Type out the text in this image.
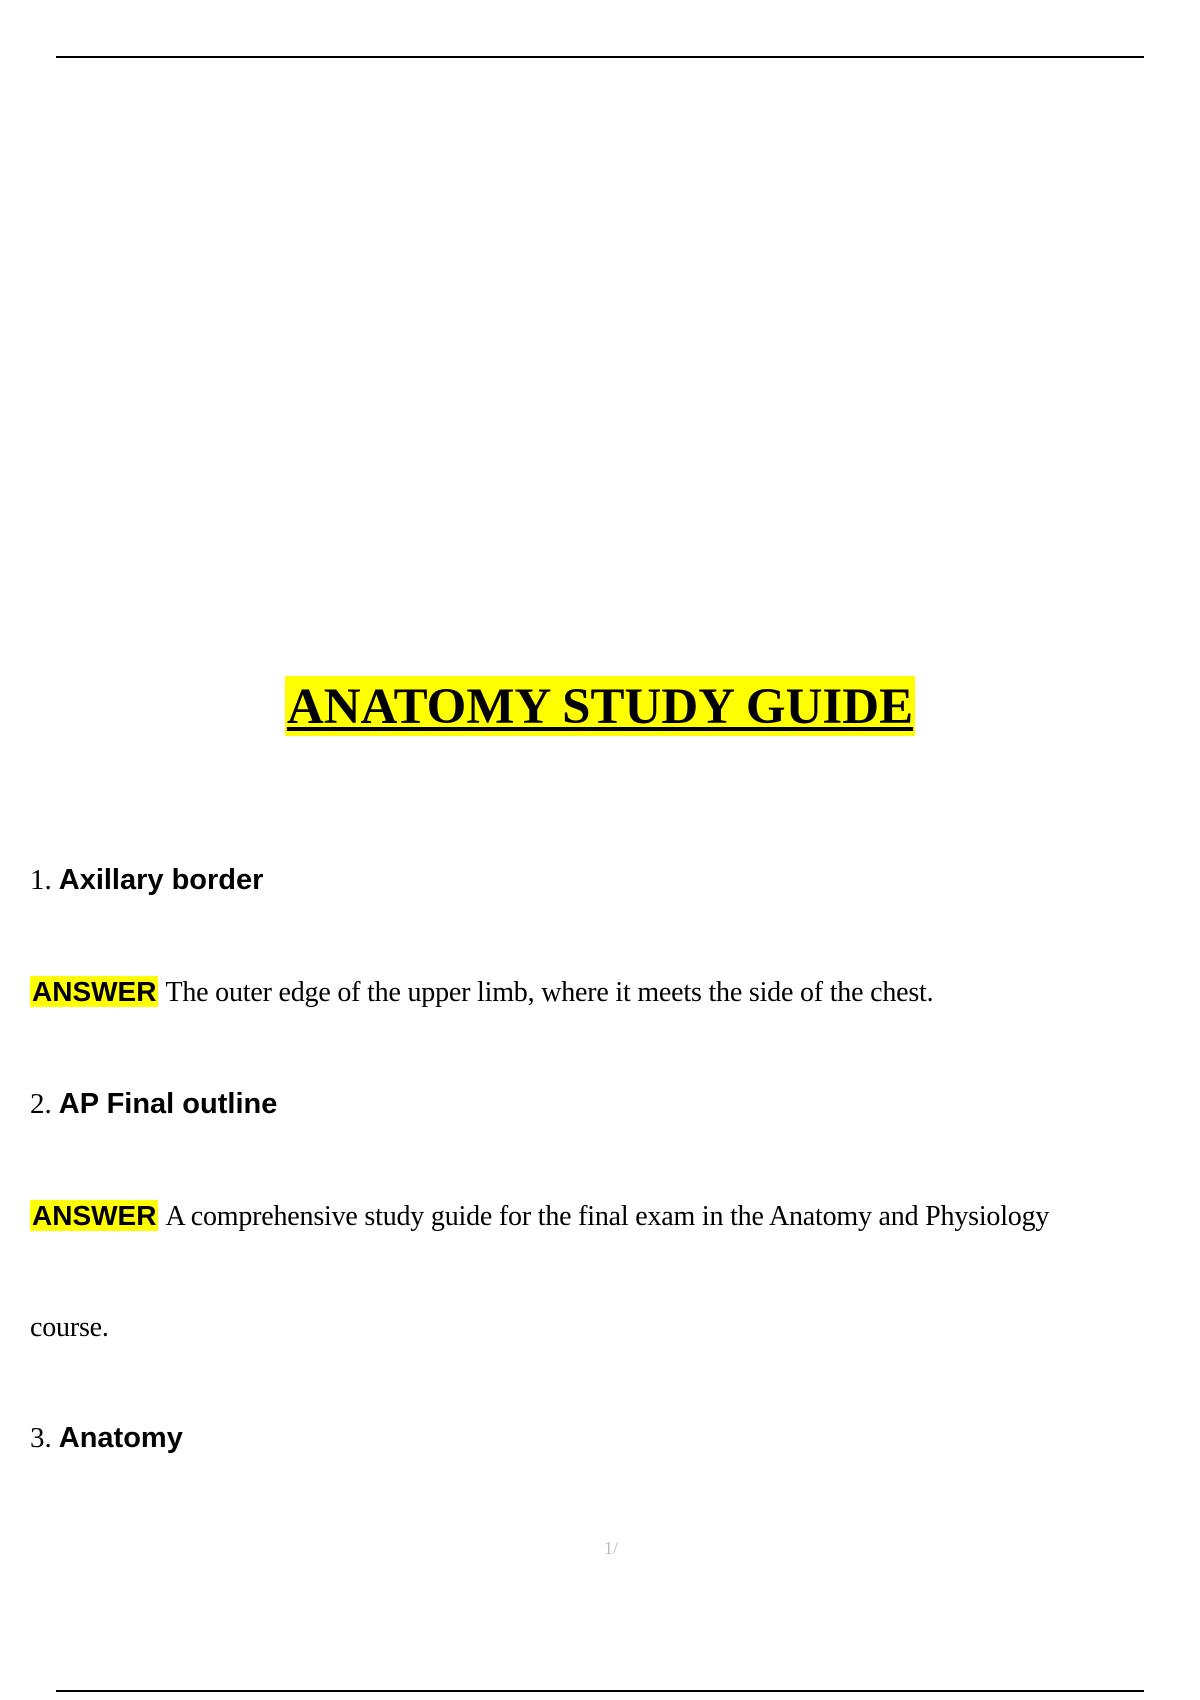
ANATOMY STUDY GUIDE
1. Axillary border
ANSWER The outer edge of the upper limb, where it meets the side of the chest.
2. AP Final outline
ANSWER A comprehensive study guide for the final exam in the Anatomy and Physiology
course.
3. Anatomy
1/
